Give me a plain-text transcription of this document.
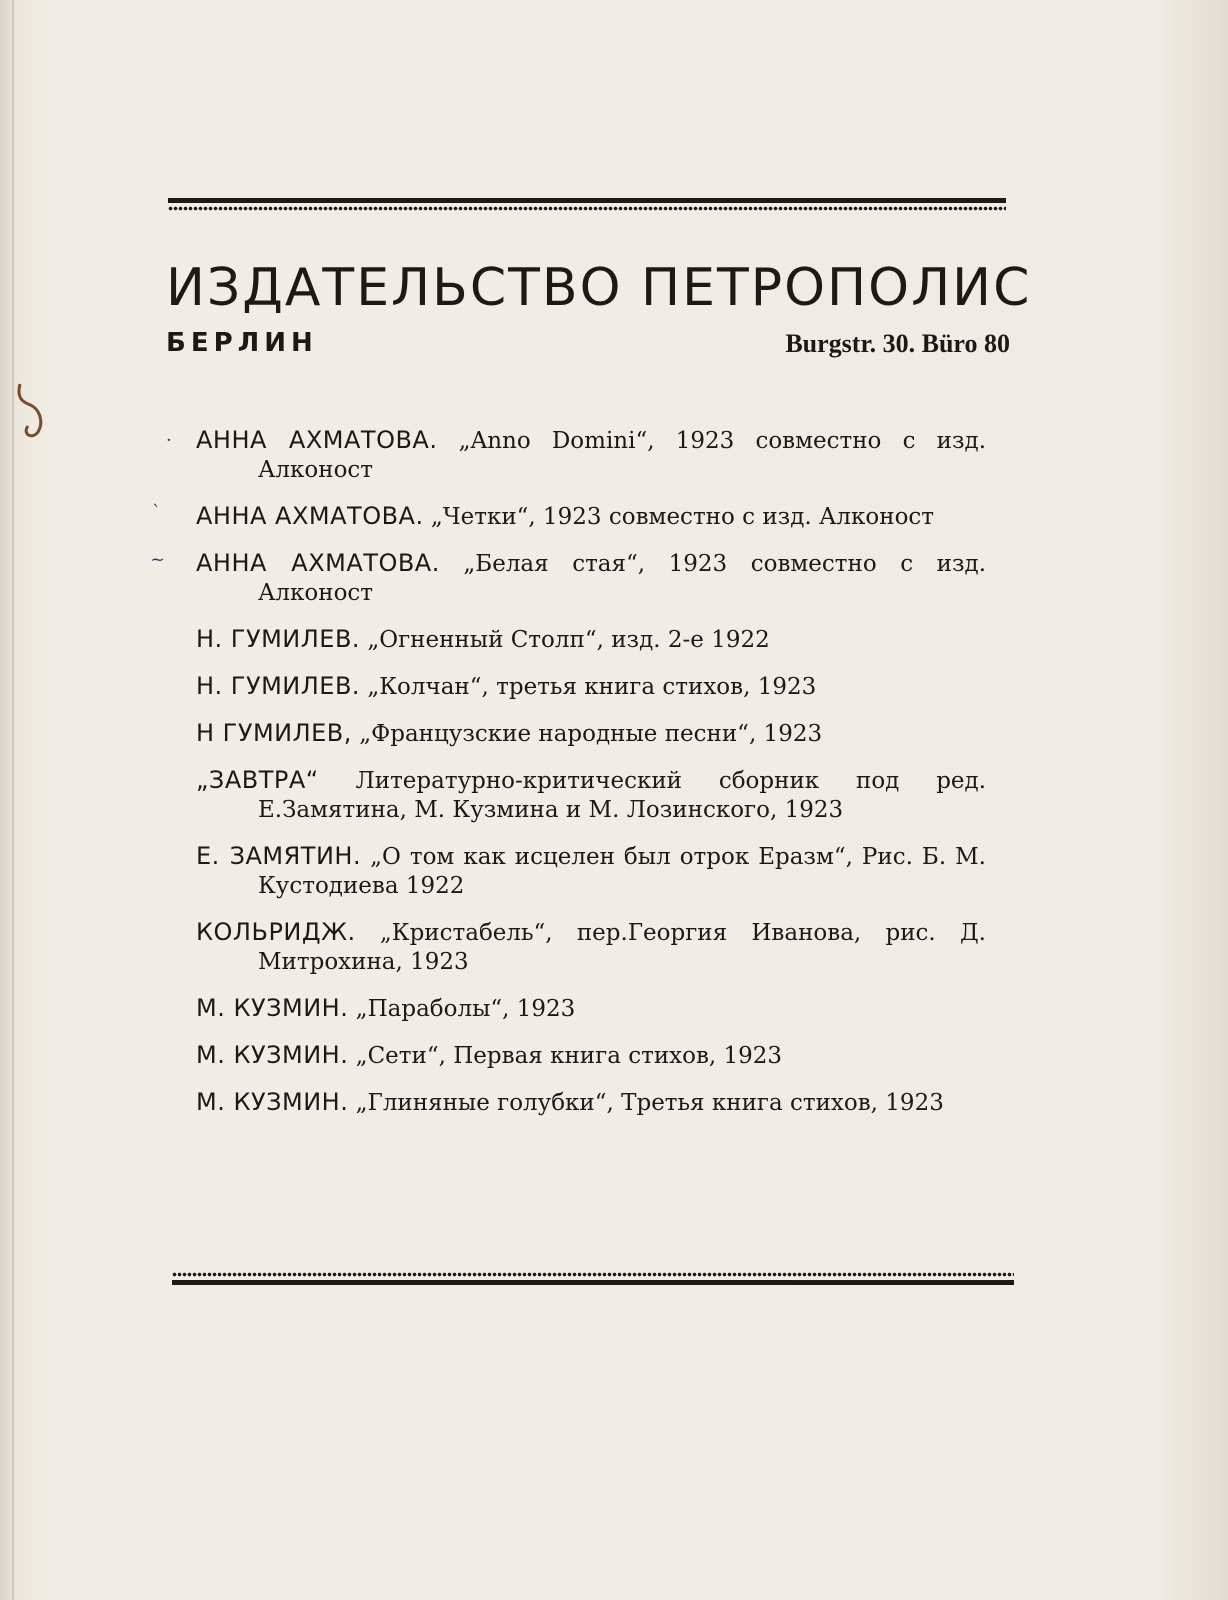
ИЗДАТЕЛЬСТВО ПЕТРОПОЛИС
БЕРЛИН	Burgstr. 30. Büro 80
· АННА АХМАТОВА. „Anno Domini“, 1923 совместно с изд. Алконост
ˋ АННА АХМАТОВА. „Четки“, 1923 совместно с изд. Алконост
~ АННА АХМАТОВА. „Белая стая“, 1923 совместно с изд. Алконост
Н. ГУМИЛЕВ. „Огненный Столп“, изд. 2-е 1922
Н. ГУМИЛЕВ. „Колчан“, третья книга стихов, 1923
Н ГУМИЛЕВ, „Французские народные песни“, 1923
„ЗАВТРА“ Литературно-критический сборник под ред. Е.Замятина, М. Кузмина и М. Лозинского, 1923
Е. ЗАМЯТИН. „О том как исцелен был отрок Еразм“, Рис. Б. М. Кустодиева 1922
КОЛЬРИДЖ. „Кристабель“, пер.Георгия Иванова, рис. Д. Митрохина, 1923
М. КУЗМИН. „Параболы“, 1923
М. КУЗМИН. „Сети“, Первая книга стихов, 1923
М. КУЗМИН. „Глиняные голубки“, Третья книга стихов, 1923
